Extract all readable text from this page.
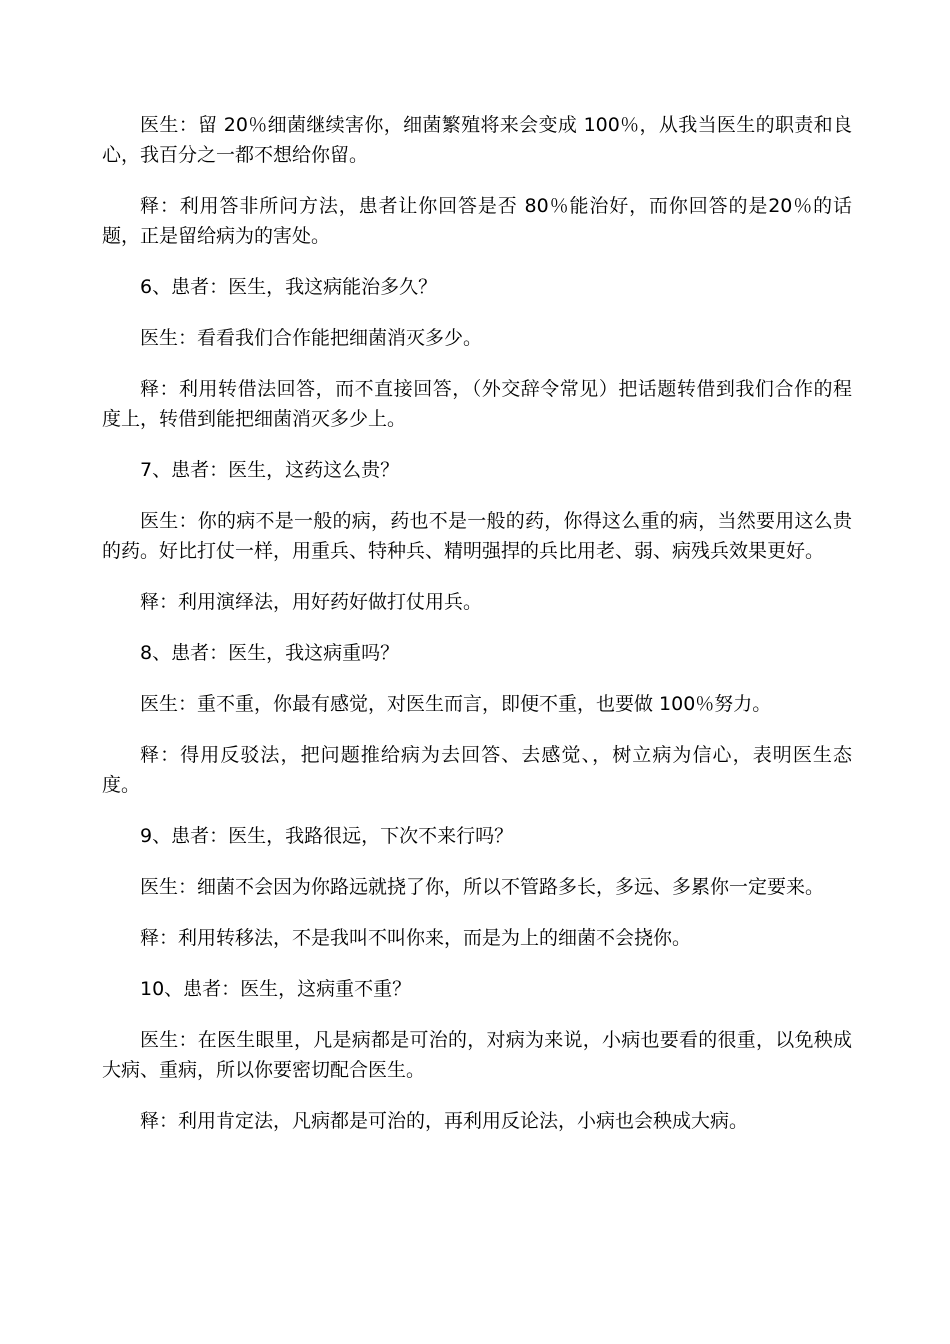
医生：留 20％细菌继续害你，细菌繁殖将来会变成 100％，从我当医生的职责和良心，我百分之一都不想给你留。

释：利用答非所问方法，患者让你回答是否 80％能治好，而你回答的是20％的话题，正是留给病为的害处。

6、患者：医生，我这病能治多久？

医生：看看我们合作能把细菌消灭多少。

释：利用转借法回答，而不直接回答，（外交辞令常见）把话题转借到我们合作的程度上，转借到能把细菌消灭多少上。

7、患者：医生，这药这么贵？

医生：你的病不是一般的病，药也不是一般的药，你得这么重的病，当然要用这么贵的药。好比打仗一样，用重兵、特种兵、精明强捍的兵比用老、弱、病残兵效果更好。

释：利用演绎法，用好药好做打仗用兵。

8、患者：医生，我这病重吗？

医生：重不重，你最有感觉，对医生而言，即便不重，也要做 100％努力。

释：得用反驳法，把问题推给病为去回答、去感觉、，树立病为信心，表明医生态度。

9、患者：医生，我路很远，下次不来行吗？

医生：细菌不会因为你路远就挠了你，所以不管路多长，多远、多累你一定要来。

释：利用转移法，不是我叫不叫你来，而是为上的细菌不会挠你。

10、患者：医生，这病重不重？

医生：在医生眼里，凡是病都是可治的，对病为来说，小病也要看的很重，以免秧成大病、重病，所以你要密切配合医生。

释：利用肯定法，凡病都是可治的，再利用反论法，小病也会秧成大病。
